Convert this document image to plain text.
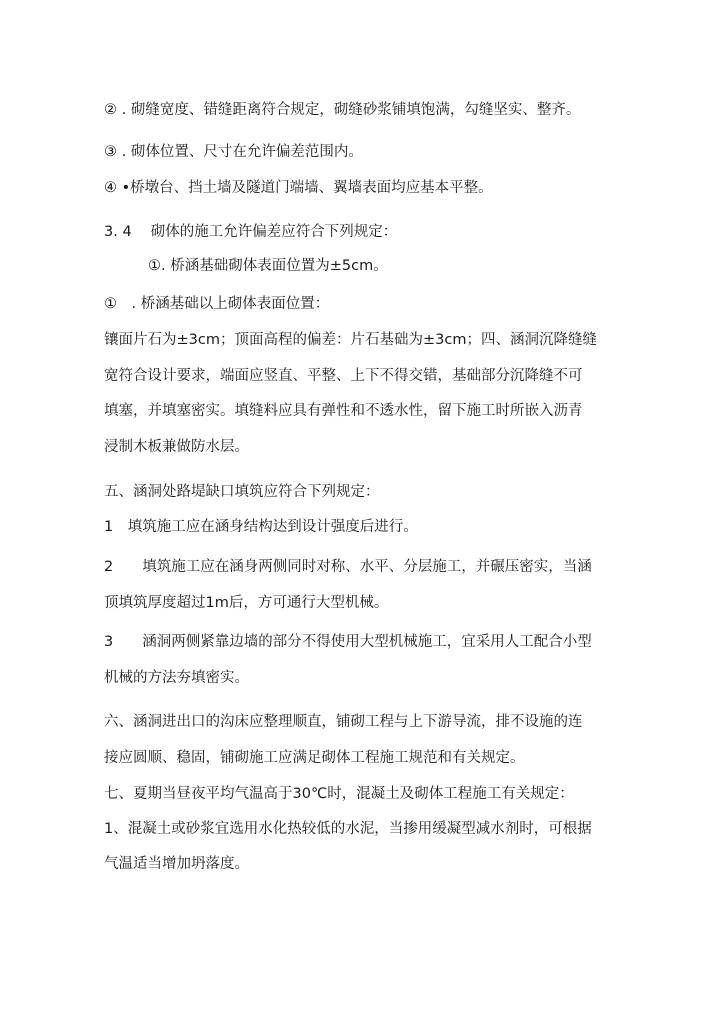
② . 砌缝宽度、错缝距离符合规定，砌缝砂浆铺填饱满，勾缝坚实、整齐。
③ . 砌体位置、尺寸在允许偏差范围内。
④ •桥墩台、挡土墙及隧道门端墙、翼墙表面均应基本平整。
3. 4　 砌体的施工允许偏差应符合下列规定：
①. 桥涵基础砌体表面位置为±5cm。
①　. 桥涵基础以上砌体表面位置：
镶面片石为±3cm；顶面高程的偏差：片石基础为±3cm；四、涵洞沉降缝缝
宽符合设计要求，端面应竖直、平整、上下不得交错，基础部分沉降缝不可
填塞，并填塞密实。填缝料应具有弹性和不透水性，留下施工时所嵌入沥青
浸制木板兼做防水层。
五、涵洞处路堤缺口填筑应符合下列规定：
1　填筑施工应在涵身结构达到设计强度后进行。
2　　填筑施工应在涵身两侧同时对称、水平、分层施工，并碾压密实，当涵
顶填筑厚度超过1m后，方可通行大型机械。
3　　涵洞两侧紧靠边墙的部分不得使用大型机械施工，宜采用人工配合小型
机械的方法夯填密实。
六、涵洞进出口的沟床应整理顺直，铺砌工程与上下游导流，排不设施的连
接应圆顺、稳固，铺砌施工应满足砌体工程施工规范和有关规定。
七、夏期当昼夜平均气温高于30℃时，混凝土及砌体工程施工有关规定：
1、混凝土或砂浆宜选用水化热较低的水泥，当掺用缓凝型减水剂时，可根据
气温适当增加坍落度。
